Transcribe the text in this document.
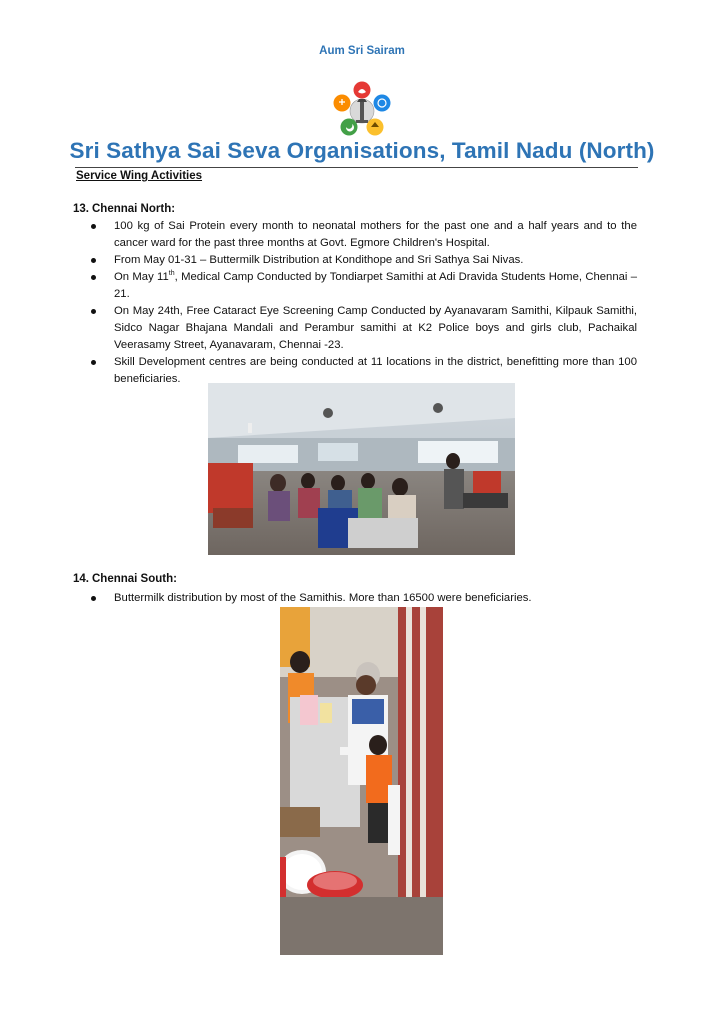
Aum Sri Sairam
Sri Sathya Sai Seva Organisations, Tamil Nadu (North)
Service Wing Activities
13. Chennai North:
100 kg of Sai Protein every month to neonatal mothers for the past one and a half years and to the cancer ward for the past three months at Govt. Egmore Children's Hospital.
From May 01-31 – Buttermilk Distribution at Kondithope and Sri Sathya Sai Nivas.
On May 11th, Medical Camp Conducted by Tondiarpet Samithi at Adi Dravida Students Home, Chennai – 21.
On May 24th, Free Cataract Eye Screening Camp Conducted by Ayanavaram Samithi, Kilpauk Samithi, Sidco Nagar Bhajana Mandali and Perambur samithi at K2 Police boys and girls club, Pachaikal Veerasamy Street, Ayanavaram, Chennai -23.
Skill Development centres are being conducted at 11 locations in the district, benefitting more than 100 beneficiaries.
14. Chennai South:
Buttermilk distribution by most of the Samithis. More than 16500 were beneficiaries.
